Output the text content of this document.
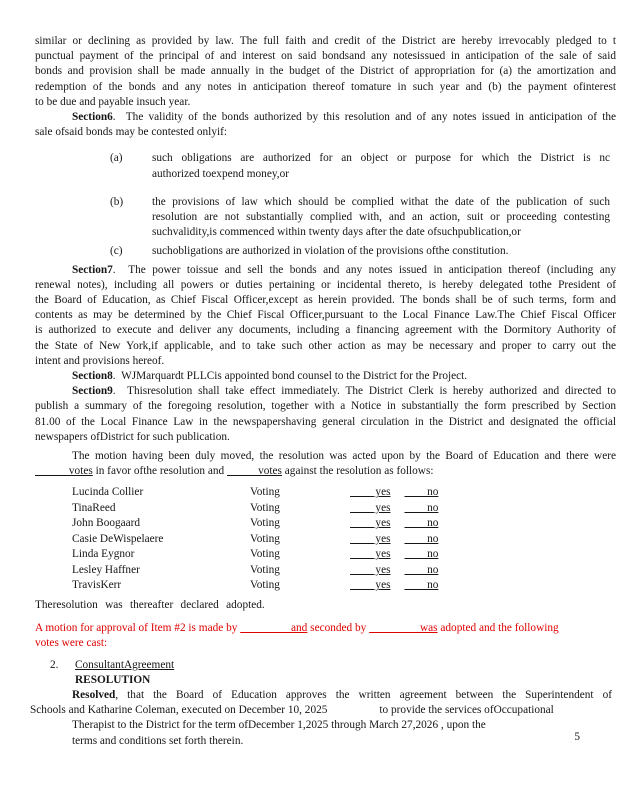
similar or declining as provided by law. The full faith and credit of the District are hereby irrevocably pledged to t
punctual payment of the principal of and interest on said bondsand any notesissued in anticipation of the sale of said
bonds and provision shall be made annually in the budget of the District of appropriation for (a) the amortization and
redemption of the bonds and any notes in anticipation thereof tomature in such year and (b) the payment ofinterest
to be due and payable insuch year.
Section6.  The validity of the bonds authorized by this resolution and of any notes issued in anticipation of the
sale ofsaid bonds may be contested onlyif:
(a)	such obligations are authorized for an object or purpose for which the District is nc
authorized toexpend money,or
(b)	the provisions of law which should be complied withat the date of the publication of such
resolution are not substantially complied with, and an action, suit or proceeding contesting
suchvalidity,is commenced within twenty days after the date ofsuchpublication,or
(c)	suchobligations are authorized in violation of the provisions ofthe constitution.
Section7.  The power toissue and sell the bonds and any notes issued in anticipation thereof (including any
renewal notes), including all powers or duties pertaining or incidental thereto, is hereby delegated tothe President of
the Board of Education, as Chief Fiscal Officer,except as herein provided. The bonds shall be of such terms, form and
contents as may be determined by the Chief Fiscal Officer,pursuant to the Local Finance Law.The Chief Fiscal Officer
is authorized to execute and deliver any documents, including a financing agreement with the Dormitory Authority of
the State of New York,if applicable, and to take such other action as may be necessary and proper to carry out the
intent and provisions hereof.
Section8.  WJMarquardt PLLCis appointed bond counsel to the District for the Project.
Section9.  Thisresolution shall take effect immediately. The District Clerk is hereby authorized and directed to
publish a summary of the foregoing resolution, together with a Notice in substantially the form prescribed by Section
81.00 of the Local Finance Law in the newspapershaving general circulation in the District and designated the official
newspapers ofDistrict for such publication.
The motion having been duly moved, the resolution was acted upon by the Board of Education and there were
votes in favor ofthe resolution and            votes against the resolution as follows:
Lucinda Collier	Voting	yes no
TinaReed	Voting	yes no
John Boogaard	Voting	yes no
Casie DeWispelaere	Voting	yes no
Linda Eygnor	Voting	yes no
Lesley Haffner	Voting	yes no
TravisKerr	Voting	yes no
Theresolution was thereafter declared adopted.
A motion for approval of Item #2 is made by                   and seconded by                   was adopted and the following
votes were cast:
2.	ConsultantAgreement
RESOLUTION
Resolved, that the Board of Education approves the written agreement between the Superintendent of
Schools and Katharine Coleman, executed on December 10, 2025	to provide the services ofOccupational
Therapist to the District for the term ofDecember 1,2025 through March 27,2026 , upon the
terms and conditions set forth therein.	5
